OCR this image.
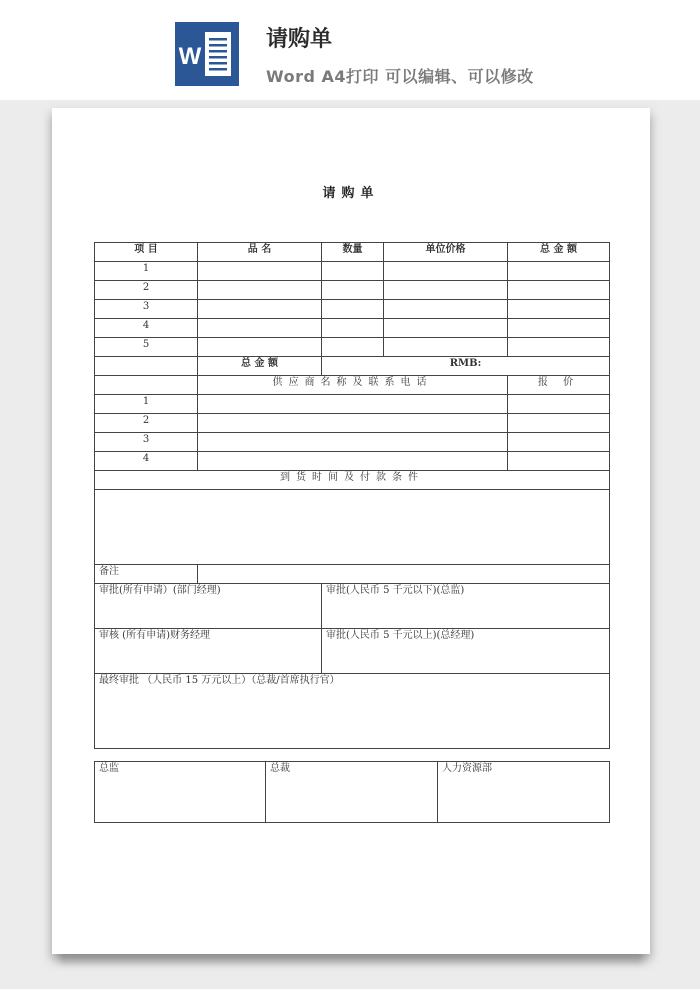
W
请购单
Word A4打印 可以编辑、可以修改
请购单
项 目	品 名	数量	单位价格	总 金 额
1				
2				
3				
4				
5				
	总 金 额	RMB:		
	供应商名称及联系电话			报 价
1				
2				
3				
4				
到货时间及付款条件				

备注				
审批(所有申请）(部门经理)		审批(人民币 5 千元以下)(总监)		
审核 (所有申请)财务经理		审批(人民币 5 千元以上)(总经理)		
最终审批 （人民币 15 万元以上）（总裁/首席执行官）				
总监	总裁	人力资源部
